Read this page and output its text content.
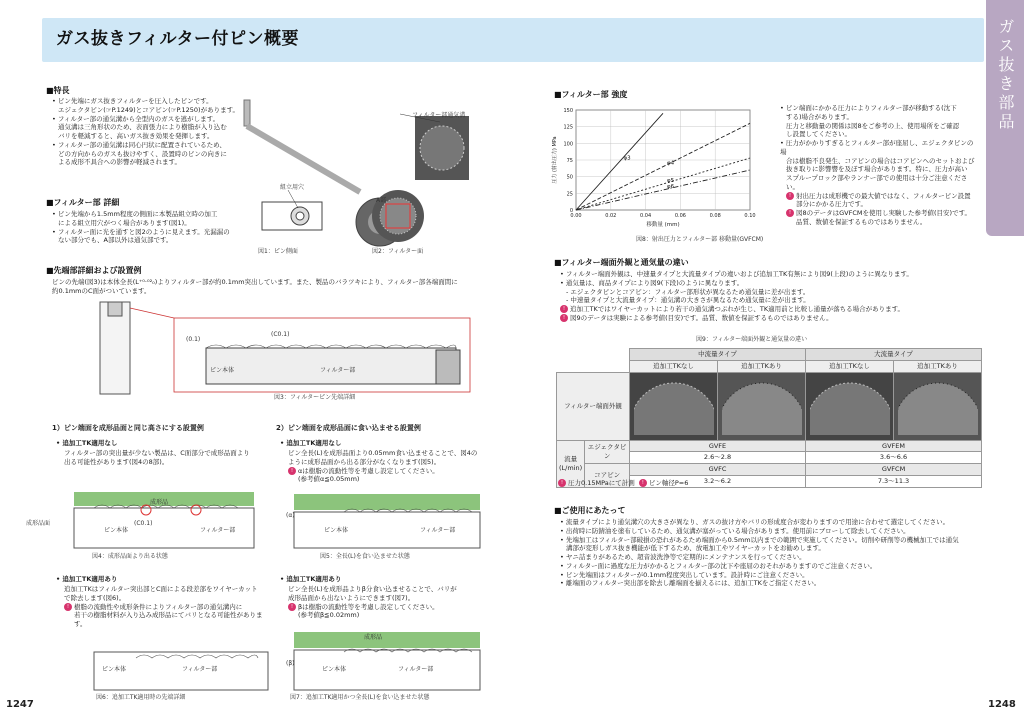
ガス抜きフィルター付ピン概要	ガス抜き部品
■特長
• ピン先端にガス抜きフィルターを圧入したピンです。
エジェクタピン(☞P.1249)とコアピン(☞P.1250)があります。
• フィルター部の通気溝から全型内のガスを逃がします。
通気溝は三角形状のため、表面張力により樹脂が入り込む
バリを軽減すると、高いガス抜き効果を発揮します。
• フィルター部の通気溝は同心円状に配置されているため、
どの方向からのガスも抜けやすく、設置時のピンの向きに
よる成形不具合への影響が軽減されます。
フィルター部通気溝
■フィルター部 詳細
• ピン先端から1.5mm程度の側面に本製品組立時の加工
による組立用穴がつく場合があります(図1)。
• フィルター面に光を通すと図2のように見えます。光漏漏の
ない部分でも、A部以外は通気部です。
組立用穴
A部
図1：ピン側面	図2：フィルター面
■先端部詳細および設置例
ピンの先端(図3)は本体全長(L⁺⁰·⁰²₀)よりフィルター部が約0.1mm突出しています。また、製品のバラツキにより、フィルター部各端面間に
約0.1mmのC面がついています。
(C0.1)
ピン本体	フィルター部
(0.1)
図3：フィルターピン先端詳細
1）ピン端面を成形品面と同じ高さにする設置例
• 追加工TK適用なし
フィルター部の突出量が少ない製品は、C面部分で成形品面より
出る可能性があります(図4の8部)。
成形品
成形品面
ピン本体	フィルター部
(C0.1)
図4：成形品面より出る状態
• 追加工TK適用あり
追加工TKはフィルター突出部とC面による段差部をワイヤーカット
で除去します(図6)。
! 樹脂の流動性や成形条件によりフィルター部の通気溝内に
若干の樹脂材料が入り込み成形品にてバリとなる可能性があります。
ピン本体	フィルター部
図6：追加工TK適用時の先端詳細
2）ピン端面を成形品面に食い込ませる設置例
• 追加工TK適用なし
ピン全長(L)を成形品面より0.05mm食い込ませることで、図4の
ように成形品面から出る部分がなくなります(図5)。
! αは樹脂の流動性等を考慮し設定してください。
(参考値α≦0.05mm)
ピン本体	フィルター部
(α)
図5：全長(L)を食い込ませた状態
• 追加工TK適用あり
ピン全長(L)を成形品よりβ分食い込ませることで、バリが
成形品面から出ないようにできます(図7)。
! βは樹脂の流動性等を考慮し設定してください。
(参考値β≦0.02mm)
成形品
ピン本体	フィルター部
(β)
図7：追加工TK適用かつ全長(L)を食い込ませた状態
1247
■フィルター部 強度
φ3
φ4
φ5
φ6
0
25
50
75
100
125
150
0.00	0.02	0.04	0.06	0.08	0.10
移動量 (mm)
圧力 (射出圧力) MPa
図8：射出圧力とフィルター部 移動量(GVFCM)
• ピン端面にかかる圧力によりフィルター部が移動する(沈下
する)場合があります。
圧力と移動量の関係は図8をご参考の上、使用場所をご確認
し設置してください。
• 圧力がかかりすぎるとフィルター部が座屈し、エジェクタピンの場
合は樹脂不良発生、コアピンの場合はコアピンへのセットおよび
抜き取りに影響響を及ぼす場合があります。特に、圧力が高い
スプループロック部やランナー部での使用は十分ご注意ください。
! 射出圧力は成形機での最大値ではなく、フィルターピン設置
部分にかかる圧力です。
! 図8のデータはGVFCMを使用し実験した参考値(目安)です。
品質、数値を保証するものではありません。
■フィルター端面外観と通気量の違い
• フィルター端面外観は、中速量タイプと大流量タイプの違いおよび追加工TK有無により図9(上段)のように異なります。
• 通気量は、商品タイプにより図9(下段)のように異なります。
- エジェクタピンとコアピン：フィルター部形状が異なるため通気量に差が出ます。
- 中速量タイプと大流量タイプ：通気溝の大きさが異なるため通気量に差が出ます。
! 追加工TKではワイヤーカットにより若干の通気溝つぶれが生じ、TK適用前と比較し通量が落ちる場合があります。
! 図9のデータは実験による参考値(目安)です。品質、数値を保証するものではありません。
図9：フィルター端面外観と通気量の違い
		中流量タイプ		大流量タイプ	
		追加工TKなし	追加工TKあり	追加工TKなし	追加工TKあり
フィルター端面外観				
流量
(L/min)	エジェクタピン	GVFE		GVFEM	
		2.6～2.8		3.6～6.6	
	コアピン	GVFC		GVFCM	
		3.2～6.2		7.3～11.3	
! 圧力0.15MPaにて計測 ! ピン軸径P=6
■ご使用にあたって
• 流量タイプにより通気溝穴の大きさが異なり、ガスの抜け方やバリの形成度合が変わりますので用途に合わせて選定してください。
• 出荷時に防錆油を塗布しているため、通気溝が塞がっている場合があります。使用前にブローして除去してください。
• 先端加工はフィルター部破損の恐れがあるため端面から0.5mm以内までの範囲で実施してください。切削や研削等の機械加工では通気
溝部が変形しガス抜き機能が低下するため、放電加工やワイヤーカットをお勧めします。
• ヤニ詰まりがあるため、超音波洗浄等で定期的にメンテナンスを行ってください。
• フィルター面に過度な圧力がかかるとフィルター部の沈下や座屈のおそれがありますのでご注意ください。
• ピン先端面はフィルターが0.1mm程度突出しています。設計時にご注意ください。
• 離端面のフィルター突出部を除去し離端面を揃えるには、追加工TKをご指定ください。
1248
